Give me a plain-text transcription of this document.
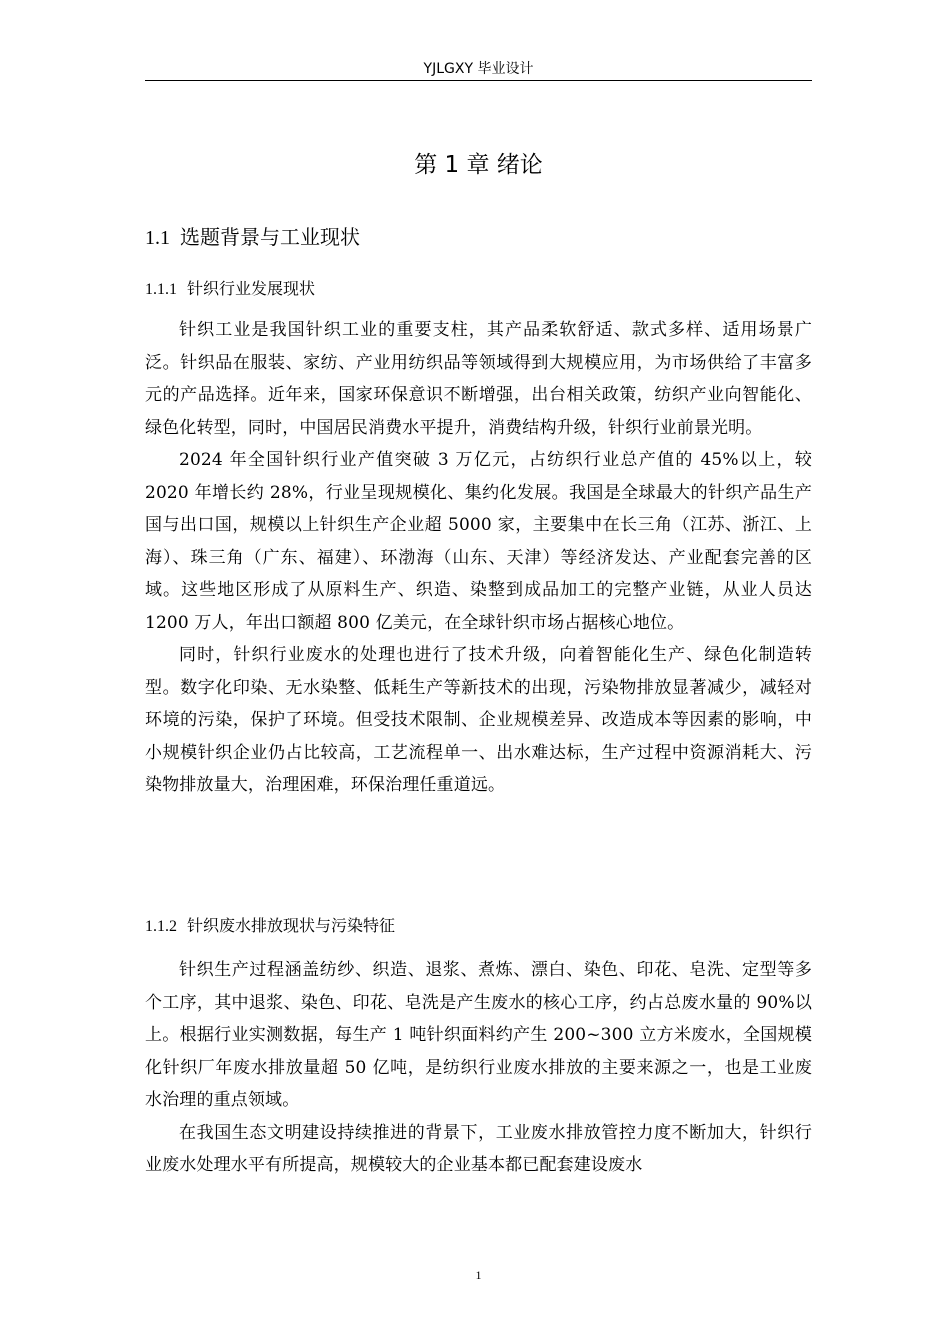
YJLGXY 毕业设计
第 1 章 绪论
1.1 选题背景与工业现状
1.1.1 针织行业发展现状

针织工业是我国针织工业的重要支柱，其产品柔软舒适、款式多样、适用场景广泛。针织品在服装、家纺、产业用纺织品等领域得到大规模应用，为市场供给了丰富多元的产品选择。近年来，国家环保意识不断增强，出台相关政策，纺织产业向智能化、绿色化转型，同时，中国居民消费水平提升，消费结构升级，针织行业前景光明。

2024 年全国针织行业产值突破 3 万亿元，占纺织行业总产值的 45%以上，较 2020 年增长约 28%，行业呈现规模化、集约化发展。我国是全球最大的针织产品生产国与出口国，规模以上针织生产企业超 5000 家，主要集中在长三角（江苏、浙江、上海）、珠三角（广东、福建）、环渤海（山东、天津）等经济发达、产业配套完善的区域。这些地区形成了从原料生产、织造、染整到成品加工的完整产业链，从业人员达 1200 万人，年出口额超 800 亿美元，在全球针织市场占据核心地位。

同时，针织行业废水的处理也进行了技术升级，向着智能化生产、绿色化制造转型。数字化印染、无水染整、低耗生产等新技术的出现，污染物排放显著减少，减轻对环境的污染，保护了环境。但受技术限制、企业规模差异、改造成本等因素的影响，中小规模针织企业仍占比较高，工艺流程单一、出水难达标，生产过程中资源消耗大、污染物排放量大，治理困难，环保治理任重道远。

1.1.2 针织废水排放现状与污染特征

针织生产过程涵盖纺纱、织造、退浆、煮炼、漂白、染色、印花、皂洗、定型等多个工序，其中退浆、染色、印花、皂洗是产生废水的核心工序，约占总废水量的 90%以上。根据行业实测数据，每生产 1 吨针织面料约产生 200~300 立方米废水，全国规模化针织厂年废水排放量超 50 亿吨，是纺织行业废水排放的主要来源之一，也是工业废水治理的重点领域。

在我国生态文明建设持续推进的背景下，工业废水排放管控力度不断加大，针织行业废水处理水平有所提高，规模较大的企业基本都已配套建设废水

1
